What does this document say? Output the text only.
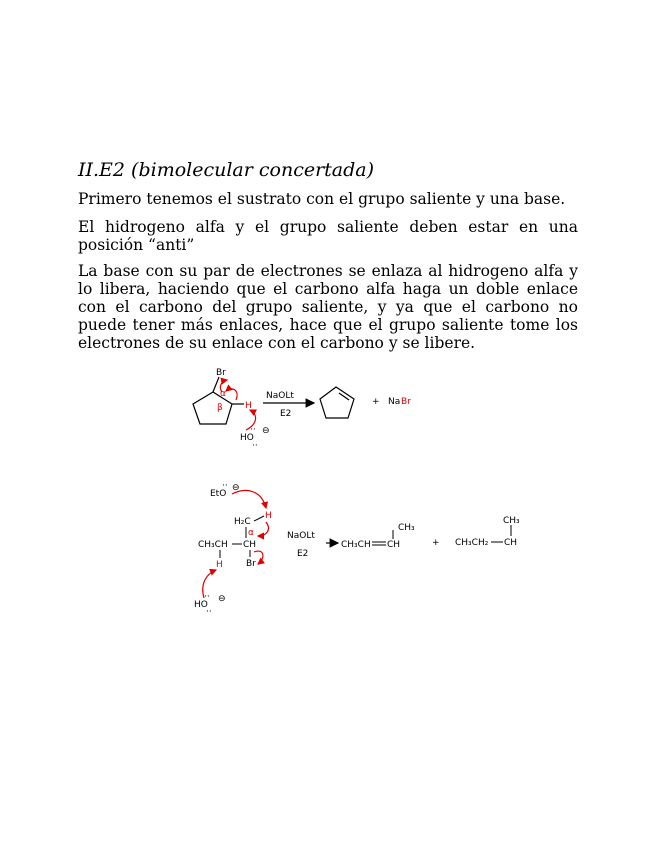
II.E2 (bimolecular concertada)

Primero tenemos el sustrato con el grupo saliente y una base.

El hidrogeno alfa y el grupo saliente deben estar en una posición “anti”

La base con su par de electrones se enlaza al hidrogeno alfa y lo libera, haciendo que el carbono alfa haga un doble enlace con el carbono del grupo saliente, y ya que el carbono no puede tener más enlaces, hace que el grupo saliente tome los electrones de su enlace con el carbono y se libere.

Br
α
β H
HO
··
··
⊖
NaOLt
E2
+ Na Br
EtO
·· ⊖
H
H₂C
α
CH₃CH CH
Br
H
HO
··
··
⊖
NaOLt
E2
CH₃CH CH
CH₃
+ CH₃CH₂ CH
CH₃
